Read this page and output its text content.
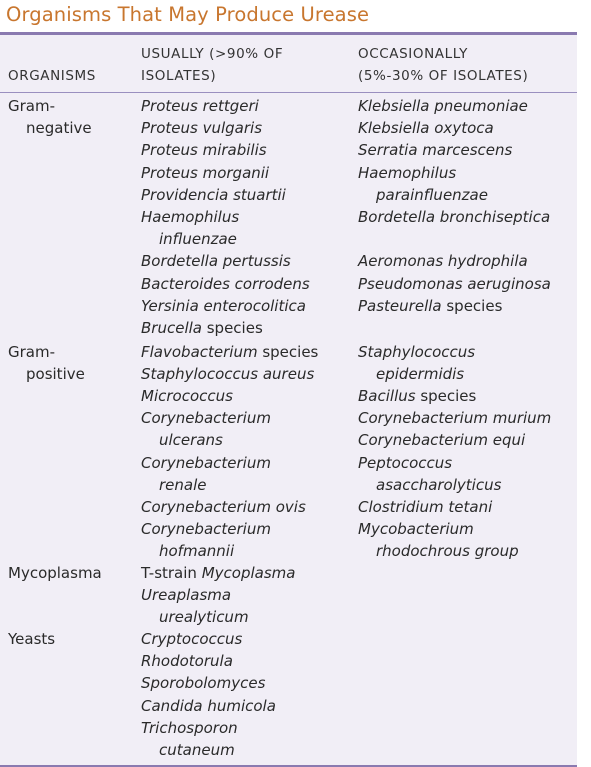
Organisms That May Produce Urease
ORGANISMS
USUALLY (>90% OF
ISOLATES)
OCCASIONALLY
(5%-30% OF ISOLATES)
Gram-
negative
Proteus rettgeri
Proteus vulgaris
Proteus mirabilis
Proteus morganii
Providencia stuartii
Haemophilus
influenzae
Bordetella pertussis
Bacteroides corrodens
Yersinia enterocolitica
Brucella species
Klebsiella pneumoniae
Klebsiella oxytoca
Serratia marcescens
Haemophilus
parainfluenzae
Bordetella bronchiseptica

Aeromonas hydrophila
Pseudomonas aeruginosa
Pasteurella species
Gram-
positive
Flavobacterium species
Staphylococcus aureus
Micrococcus
Corynebacterium
ulcerans
Corynebacterium
renale
Corynebacterium ovis
Corynebacterium
hofmannii
Staphylococcus
epidermidis
Bacillus species
Corynebacterium murium
Corynebacterium equi
Peptococcus
asaccharolyticus
Clostridium tetani
Mycobacterium
rhodochrous group
Mycoplasma	T-strain Mycoplasma
Ureaplasma
urealyticum
Yeasts	Cryptococcus
Rhodotorula
Sporobolomyces
Candida humicola
Trichosporon
cutaneum
